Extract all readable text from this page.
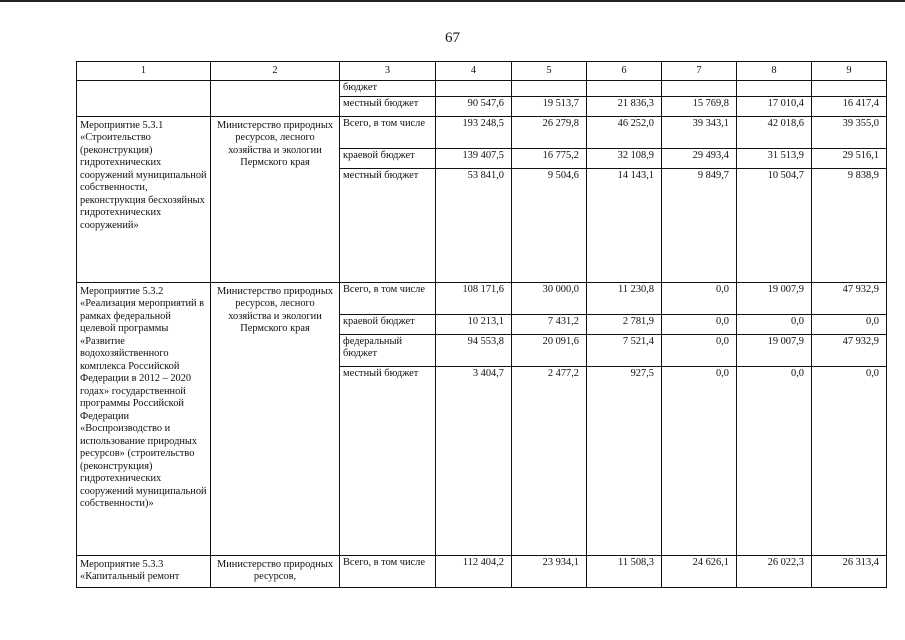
67
1	2	3	4	5	6	7	8	9
		бюджет						
		местный бюджет	90 547,6	19 513,7	21 836,3	15 769,8	17 010,4	16 417,4
Мероприятие 5.3.1 «Строительство (реконструкция) гидротехнических сооружений муниципальной собственности, реконструкция бесхозяйных гидротехнических сооружений»	Министерство природных ресурсов, лесного хозяйства и экологии Пермского края	Всего, в том числе	193 248,5	26 279,8	46 252,0	39 343,1	42 018,6	39 355,0
		краевой бюджет	139 407,5	16 775,2	32 108,9	29 493,4	31 513,9	29 516,1
		местный бюджет	53 841,0	9 504,6	14 143,1	9 849,7	10 504,7	9 838,9
Мероприятие 5.3.2 «Реализация мероприятий в рамках федеральной целевой программы «Развитие водохозяйственного комплекса Российской Федерации в 2012 – 2020 годах» государственной программы Российской Федерации «Воспроизводство и использование природных ресурсов» (строительство (реконструкция) гидротехнических сооружений муниципальной собственности)»	Министерство природных ресурсов, лесного хозяйства и экологии Пермского края	Всего, в том числе	108 171,6	30 000,0	11 230,8	0,0	19 007,9	47 932,9
		краевой бюджет	10 213,1	7 431,2	2 781,9	0,0	0,0	0,0
		федеральный бюджет	94 553,8	20 091,6	7 521,4	0,0	19 007,9	47 932,9
		местный бюджет	3 404,7	2 477,2	927,5	0,0	0,0	0,0
Мероприятие 5.3.3 «Капитальный ремонт	Министерство природных ресурсов,	Всего, в том числе	112 404,2	23 934,1	11 508,3	24 626,1	26 022,3	26 313,4
